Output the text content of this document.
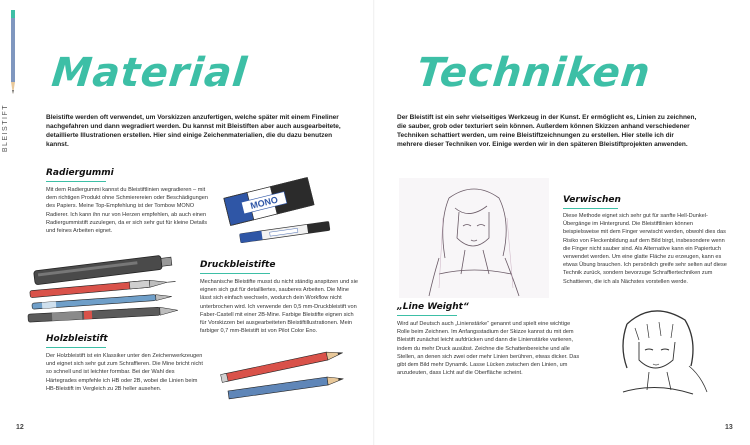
BLEISTIFT
Material
Bleistifte werden oft verwendet, um Vorskizzen anzufertigen, welche später mit einem Fineliner nachgefahren und dann wegradiert werden. Du kannst mit Bleistiften aber auch ausgearbeitete, detaillierte Illustrationen erstellen. Hier sind einige Zeichenmaterialien, die du dazu benutzen kannst.
Radiergummi
Mit dem Radiergummi kannst du Bleistiftlinien wegradieren – mit dem richtigen Produkt ohne Schmierereien oder Beschädigungen des Papiers. Meine Top-Empfehlung ist der Tombow MONO Radierer. Ich kann ihn nur von Herzen empfehlen, ab auch einen Radiergummistift zuzulegen, da er sich sehr gut für kleine Details und feines Arbeiten eignet.
MONO
Druckbleistifte
Mechanische Bleistifte musst du nicht ständig anspitzen und sie eignen sich gut für detailliertes, sauberes Arbeiten. Die Mine lässt sich einfach wechseln, wodurch dein Workflow nicht unterbrochen wird. Ich verwende den 0,5 mm-Druckbleistift von Faber-Castell mit einer 2B-Mine. Farbige Bleistifte eignen sich für Vorskizzen bei ausgearbeiteten Bleistiftillustrationen. Mein farbiger 0,7 mm-Bleistift ist von Pilot Color Eno.
Holzbleistift
Der Holzbleistift ist ein Klassiker unter den Zeichenwerkzeugen und eignet sich sehr gut zum Schraffieren. Die Mine bricht nicht so schnell und ist leichter formbar. Bei der Wahl des Härtegrades empfehle ich HB oder 2B, wobei die Linien beim HB-Bleistift im Vergleich zu 2B heller ausehen.
12
Techniken
Der Bleistift ist ein sehr vielseitiges Werkzeug in der Kunst. Er ermöglicht es, Linien zu zeichnen, die sauber, grob oder texturiert sein können. Außerdem können Skizzen anhand verschiedener Techniken schattiert werden, um reine Bleistiftzeichnungen zu erstellen. Hier stelle ich dir mehrere dieser Techniken vor. Einige werden wir in den späteren Bleistiftprojekten anwenden.
Verwischen
Diese Methode eignet sich sehr gut für sanfte Hell-Dunkel-Übergänge im Hintergrund. Die Bleistiftlinien können beispielsweise mit dem Finger verwischt werden, obwohl dies das Risiko von Fleckenbildung auf dem Bild birgt, insbesondere wenn die Finger nicht sauber sind. Als Alternative kann ein Papiertuch verwendet werden. Um eine glatte Fläche zu erzeugen, kann es etwas Übung brauchen. Ich persönlich greife sehr selten auf diese Technik zurück, sondern bevorzuge Schraffiertechniken zum Schattieren, die ich als Nächstes vorstellen werde.
„Line Weight“
Wird auf Deutsch auch „Linienstärke“ genannt und spielt eine wichtige Rolle beim Zeichnen. Im Anfangsstadium der Skizze kannst du mit dem Bleistift zunächst leicht aufdrücken und dann die Linienstärke variieren, indem du mehr Druck ausübst. Zeichne die Schattenbereiche und alle Stellen, an denen sich zwei oder mehr Linien berühren, etwas dicker. Das gibt dem Bild mehr Dynamik. Lasse Lücken zwischen den Linien, um anzudeuten, dass Licht auf die Oberfläche scheint.
13
